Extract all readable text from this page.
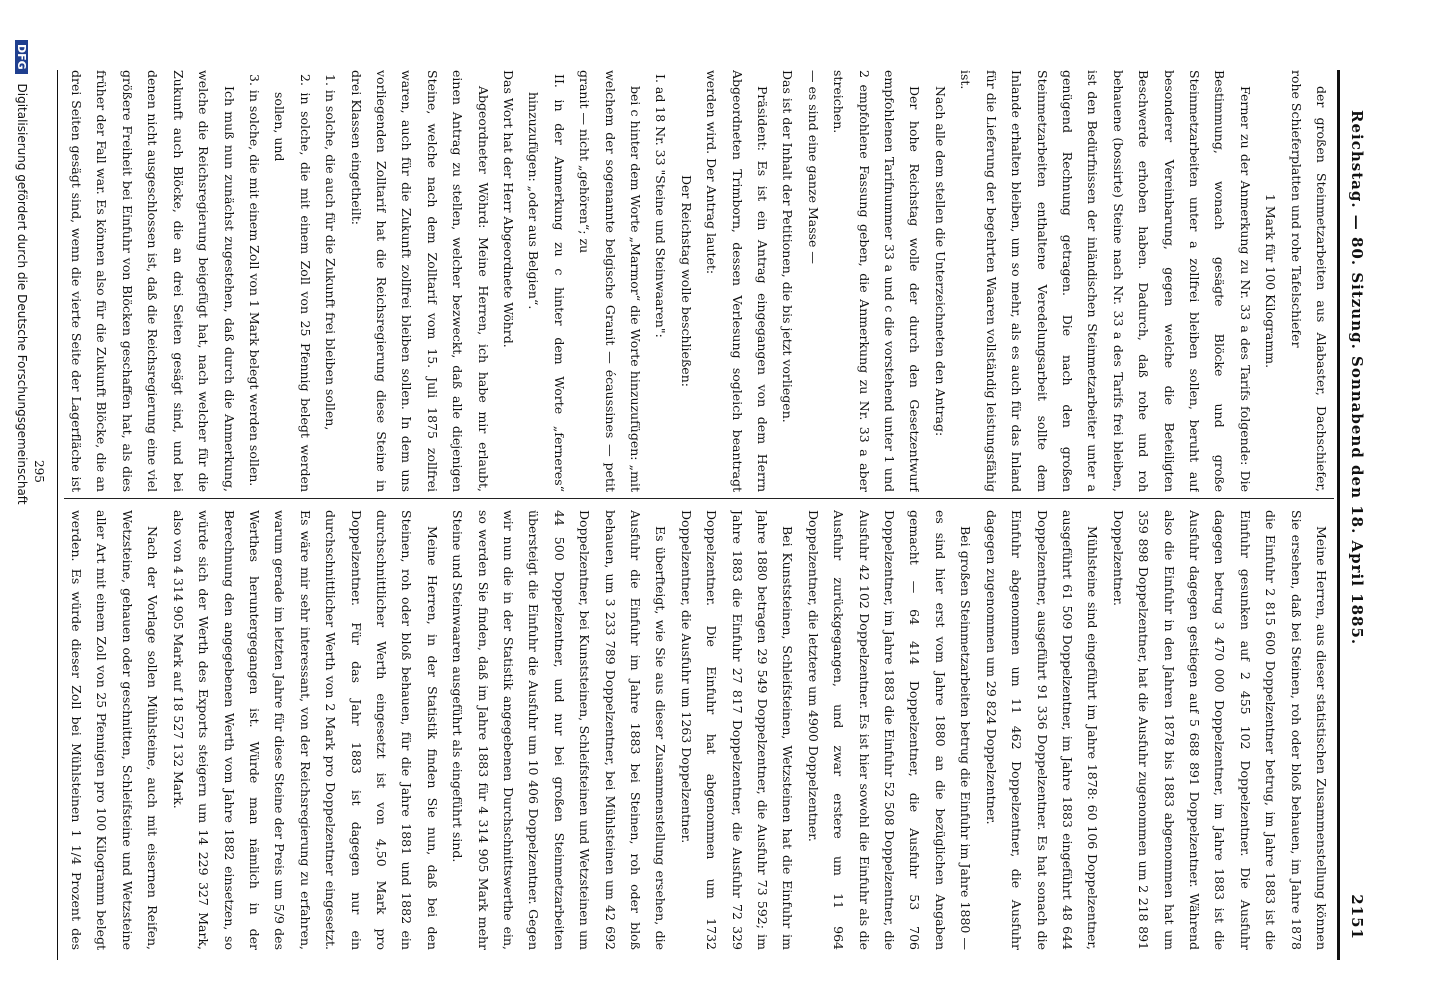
Reichstag. — 80. Sitzung. Sonnabend den 18. April 1885.
2151

der großen Steinmetzarbeiten aus Alabaster, Dachschiefer, rohe Schieferplatten und rohe Tafelschiefer

1 Mark für 100 Kilogramm.

Ferner zu der Anmerkung zu Nr. 33 a des Tarifs folgende: Die Bestimmung, wonach gesägte Blöcke und große Steinmetzarbeiten unter a zollfrei bleiben sollen, beruht auf besonderer Vereinbarung, gegen welche die Beteiligten Beschwerde erhoben haben. Dadurch, daß rohe und roh behauene (bossirte) Steine nach Nr. 33 a des Tarifs frei bleiben, ist den Bedürfnissen der inländischen Steinmetzarbeiter unter a genügend Rechnung getragen. Die nach den großen Steinmetzarbeiten enthaltene Veredelungsarbeit sollte dem Inlande erhalten bleiben, um so mehr, als es auch für das Inland für die Lieferung der begehrten Waaren vollständig leistungsfähig ist.

Nach alle dem stellen die Unterzeichneten den Antrag:

Der hohe Reichstag wolle der durch den Gesetzentwurf empfohlenen Tarifnummer 33 a und c die vorstehend unter 1 und 2 empfohlene Fassung geben, die Anmerkung zu Nr. 33 a aber streichen.

— es sind eine ganze Masse —

Das ist der Inhalt der Petitionen, die bis jetzt vorliegen.

Präsident: Es ist ein Antrag eingegangen von dem Herrn Abgeordneten Trimborn, dessen Verlesung sogleich beantragt werden wird. Der Antrag lautet:

Der Reichstag wolle beschließen:

I. ad 18 Nr. 33 "Steine und Steinwaaren":

bei c hinter dem Worte „Marmor“ die Worte hinzuzufügen: „mit welchem der sogenannte belgische Granit — écaussines — petit granit — nicht „gehören“; zu

II. in der Anmerkung zu c hinter dem Worte „ferneres“ hinzuzufügen: „oder aus Belgien“.

Das Wort hat der Herr Abgeordnete Wöhrd.

Abgeordneter Wöhrd: Meine Herren, ich habe mir erlaubt, einen Antrag zu stellen, welcher bezweckt, daß alle diejenigen Steine, welche nach dem Zolltarif vom 15. Juli 1875 zollfrei waren, auch für die Zukunft zollfrei bleiben sollen. In dem uns vorliegenden Zolltarif hat die Reichsregierung diese Steine in drei Klassen eingetheilt:

1. in solche, die auch für die Zukunft frei bleiben sollen,

2. in solche, die mit einem Zoll von 25 Pfennig belegt werden sollen, und

3. in solche, die mit einem Zoll von 1 Mark belegt werden sollen.

Ich muß nun zunächst zugestehen, daß durch die Anmerkung, welche die Reichsregierung beigefügt hat, nach welcher für die Zukunft auch Blöcke, die an drei Seiten gesägt sind, und bei denen nicht ausgeschlossen ist, daß die Reichsregierung eine viel größere Freiheit bei Einfuhr von Blöcken geschaffen hat, als dies früher der Fall war. Es können also für die Zukunft Blöcke, die an drei Seiten gesägt sind, wenn die vierte Seite der Lagerfläche ist

Meine Herren, aus dieser statistischen Zusammenstellung können Sie ersehen, daß bei Steinen, roh oder bloß behauen, im Jahre 1878 die Einfuhr 2 815 600 Doppelzentner betrug, im Jahre 1883 ist die Einfuhr gesunken auf 2 455 102 Doppelzentner. Die Ausfuhr dagegen betrug 3 470 000 Doppelzentner, im Jahre 1883 ist die Ausfuhr dagegen gestiegen auf 5 688 891 Doppelzentner. Während also die Einfuhr in den Jahren 1878 bis 1883 abgenommen hat um 359 898 Doppelzentner, hat die Ausfuhr zugenommen um 2 218 891 Doppelzentner.

Mühlsteine sind eingeführt im Jahre 1878: 60 106 Doppelzentner, ausgeführt 61 509 Doppelzentner, im Jahre 1883 eingeführt 48 644 Doppelzentner, ausgeführt 91 336 Doppelzentner. Es hat sonach die Einfuhr abgenommen um 11 462 Doppelzentner, die Ausfuhr dagegen zugenommen um 29 824 Doppelzentner.

Bei großen Steinmetzarbeiten betrug die Einfuhr im Jahre 1880 — es sind hier erst vom Jahre 1880 an die bezüglichen Angaben gemacht — 64 414 Doppelzentner, die Ausfuhr 53 706 Doppelzentner, im Jahre 1883 die Einfuhr 52 508 Doppelzentner, die Ausfuhr 42 102 Doppelzentner. Es ist hier sowohl die Einfuhr als die Ausfuhr zurückgegangen, und zwar erstere um 11 964 Doppelzentner, die letztere um 4900 Doppelzentner.

Bei Kunststeinen, Schleifsteinen, Wetzsteinen hat die Einfuhr im Jahre 1880 betragen 29 549 Doppelzentner, die Ausfuhr 73 592; im Jahre 1883 die Einfuhr 27 817 Doppelzentner, die Ausfuhr 72 329 Doppelzentner. Die Einfuhr hat abgenommen um 1732 Doppelzentner, die Ausfuhr um 1263 Doppelzentner.

Es überfteigt, wie Sie aus dieser Zusammenstellung ersehen, die Ausfuhr die Einfuhr im Jahre 1883 bei Steinen, roh oder bloß behauen, um 3 233 789 Doppelzentner, bei Mühlsteinen um 42 692 Doppelzentner, bei Kunststeinen, Schleifsteinen und Wetzsteinen um 44 500 Doppelzentner, und nur bei großen Steinmetzarbeiten übersteigt die Einfuhr die Ausfuhr um 10 406 Doppelzentner. Gegen wir nun die in der Statistik angegebenen Durchschnittswerthe ein, so werden Sie finden, daß im Jahre 1883 für 4 314 905 Mark mehr Steine und Steinwaaren ausgeführt als eingeführt sind.

Meine Herren, in der Statistik finden Sie nun, daß bei den Steinen, roh oder bloß behauen, für die Jahre 1881 und 1882 ein durchschnittlicher Werth eingesetzt ist von 4,50 Mark pro Doppelzentner. Für das Jahr 1883 ist dagegen nur ein durchschnittlicher Werth von 2 Mark pro Doppelzentner eingesetzt. Es wäre mir sehr interessant, von der Reichsregierung zu erfahren, warum gerade im letzten Jahre für diese Steine der Preis um 5/9 des Werthes heruntergegangen ist. Würde man nämlich in der Berechnung den angegebenen Werth vom Jahre 1882 einsetzen, so würde sich der Werth des Exports steigern um 14 229 327 Mark, also von 4 314 905 Mark auf 18 527 132 Mark.

Nach der Vorlage sollen Mühlsteine, auch mit eisernen Reifen, Wetzsteine, gehauen oder geschnitten, Schleifsteine und Wetzsteine aller Art mit einem Zoll von 25 Pfennigen pro 100 Kilogramm belegt werden. Es würde dieser Zoll bei Mühlsteinen 1 1/4 Prozent des

295
DFG Digitalisierung gefördert durch die Deutsche Forschungsgemeinschaft
